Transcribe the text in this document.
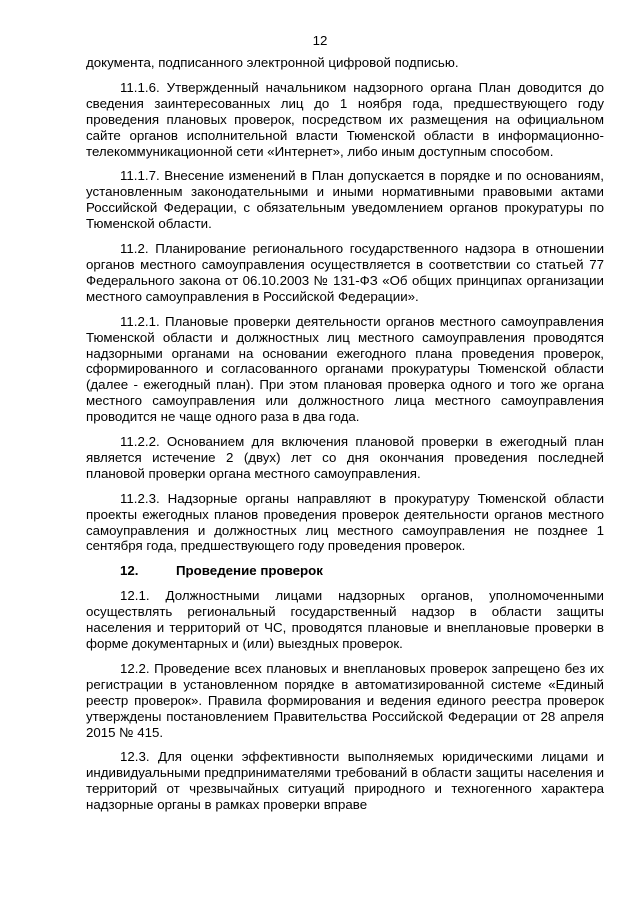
12

документа, подписанного электронной цифровой подписью.

11.1.6. Утвержденный начальником надзорного органа План доводится до сведения заинтересованных лиц до 1 ноября года, предшествующего году проведения плановых проверок, посредством их размещения на официальном сайте органов исполнительной власти Тюменской области в информационно-телекоммуникационной сети «Интернет», либо иным доступным способом.

11.1.7. Внесение изменений в План допускается в порядке и по основаниям, установленным законодательными и иными нормативными правовыми актами Российской Федерации, с обязательным уведомлением органов прокуратуры по Тюменской области.

11.2. Планирование регионального государственного надзора в отношении органов местного самоуправления осуществляется в соответствии со статьей 77 Федерального закона от 06.10.2003 № 131-ФЗ «Об общих принципах организации местного самоуправления в Российской Федерации».

11.2.1. Плановые проверки деятельности органов местного самоуправления Тюменской области и должностных лиц местного самоуправления проводятся надзорными органами на основании ежегодного плана проведения проверок, сформированного и согласованного органами прокуратуры Тюменской области (далее - ежегодный план). При этом плановая проверка одного и того же органа местного самоуправления или должностного лица местного самоуправления проводится не чаще одного раза в два года.

11.2.2. Основанием для включения плановой проверки в ежегодный план является истечение 2 (двух) лет со дня окончания проведения последней плановой проверки органа местного самоуправления.

11.2.3. Надзорные органы направляют в прокуратуру Тюменской области проекты ежегодных планов проведения проверок деятельности органов местного самоуправления и должностных лиц местного самоуправления не позднее 1 сентября года, предшествующего году проведения проверок.

12.	Проведение проверок

12.1. Должностными лицами надзорных органов, уполномоченными осуществлять региональный государственный надзор в области защиты населения и территорий от ЧС, проводятся плановые и внеплановые проверки в форме документарных и (или) выездных проверок.

12.2. Проведение всех плановых и внеплановых проверок запрещено без их регистрации в установленном порядке в автоматизированной системе «Единый реестр проверок». Правила формирования и ведения единого реестра проверок утверждены постановлением Правительства Российской Федерации от 28 апреля 2015 № 415.

12.3. Для оценки эффективности выполняемых юридическими лицами и индивидуальными предпринимателями требований в области защиты населения и территорий от чрезвычайных ситуаций природного и техногенного характера надзорные органы в рамках проверки вправе
